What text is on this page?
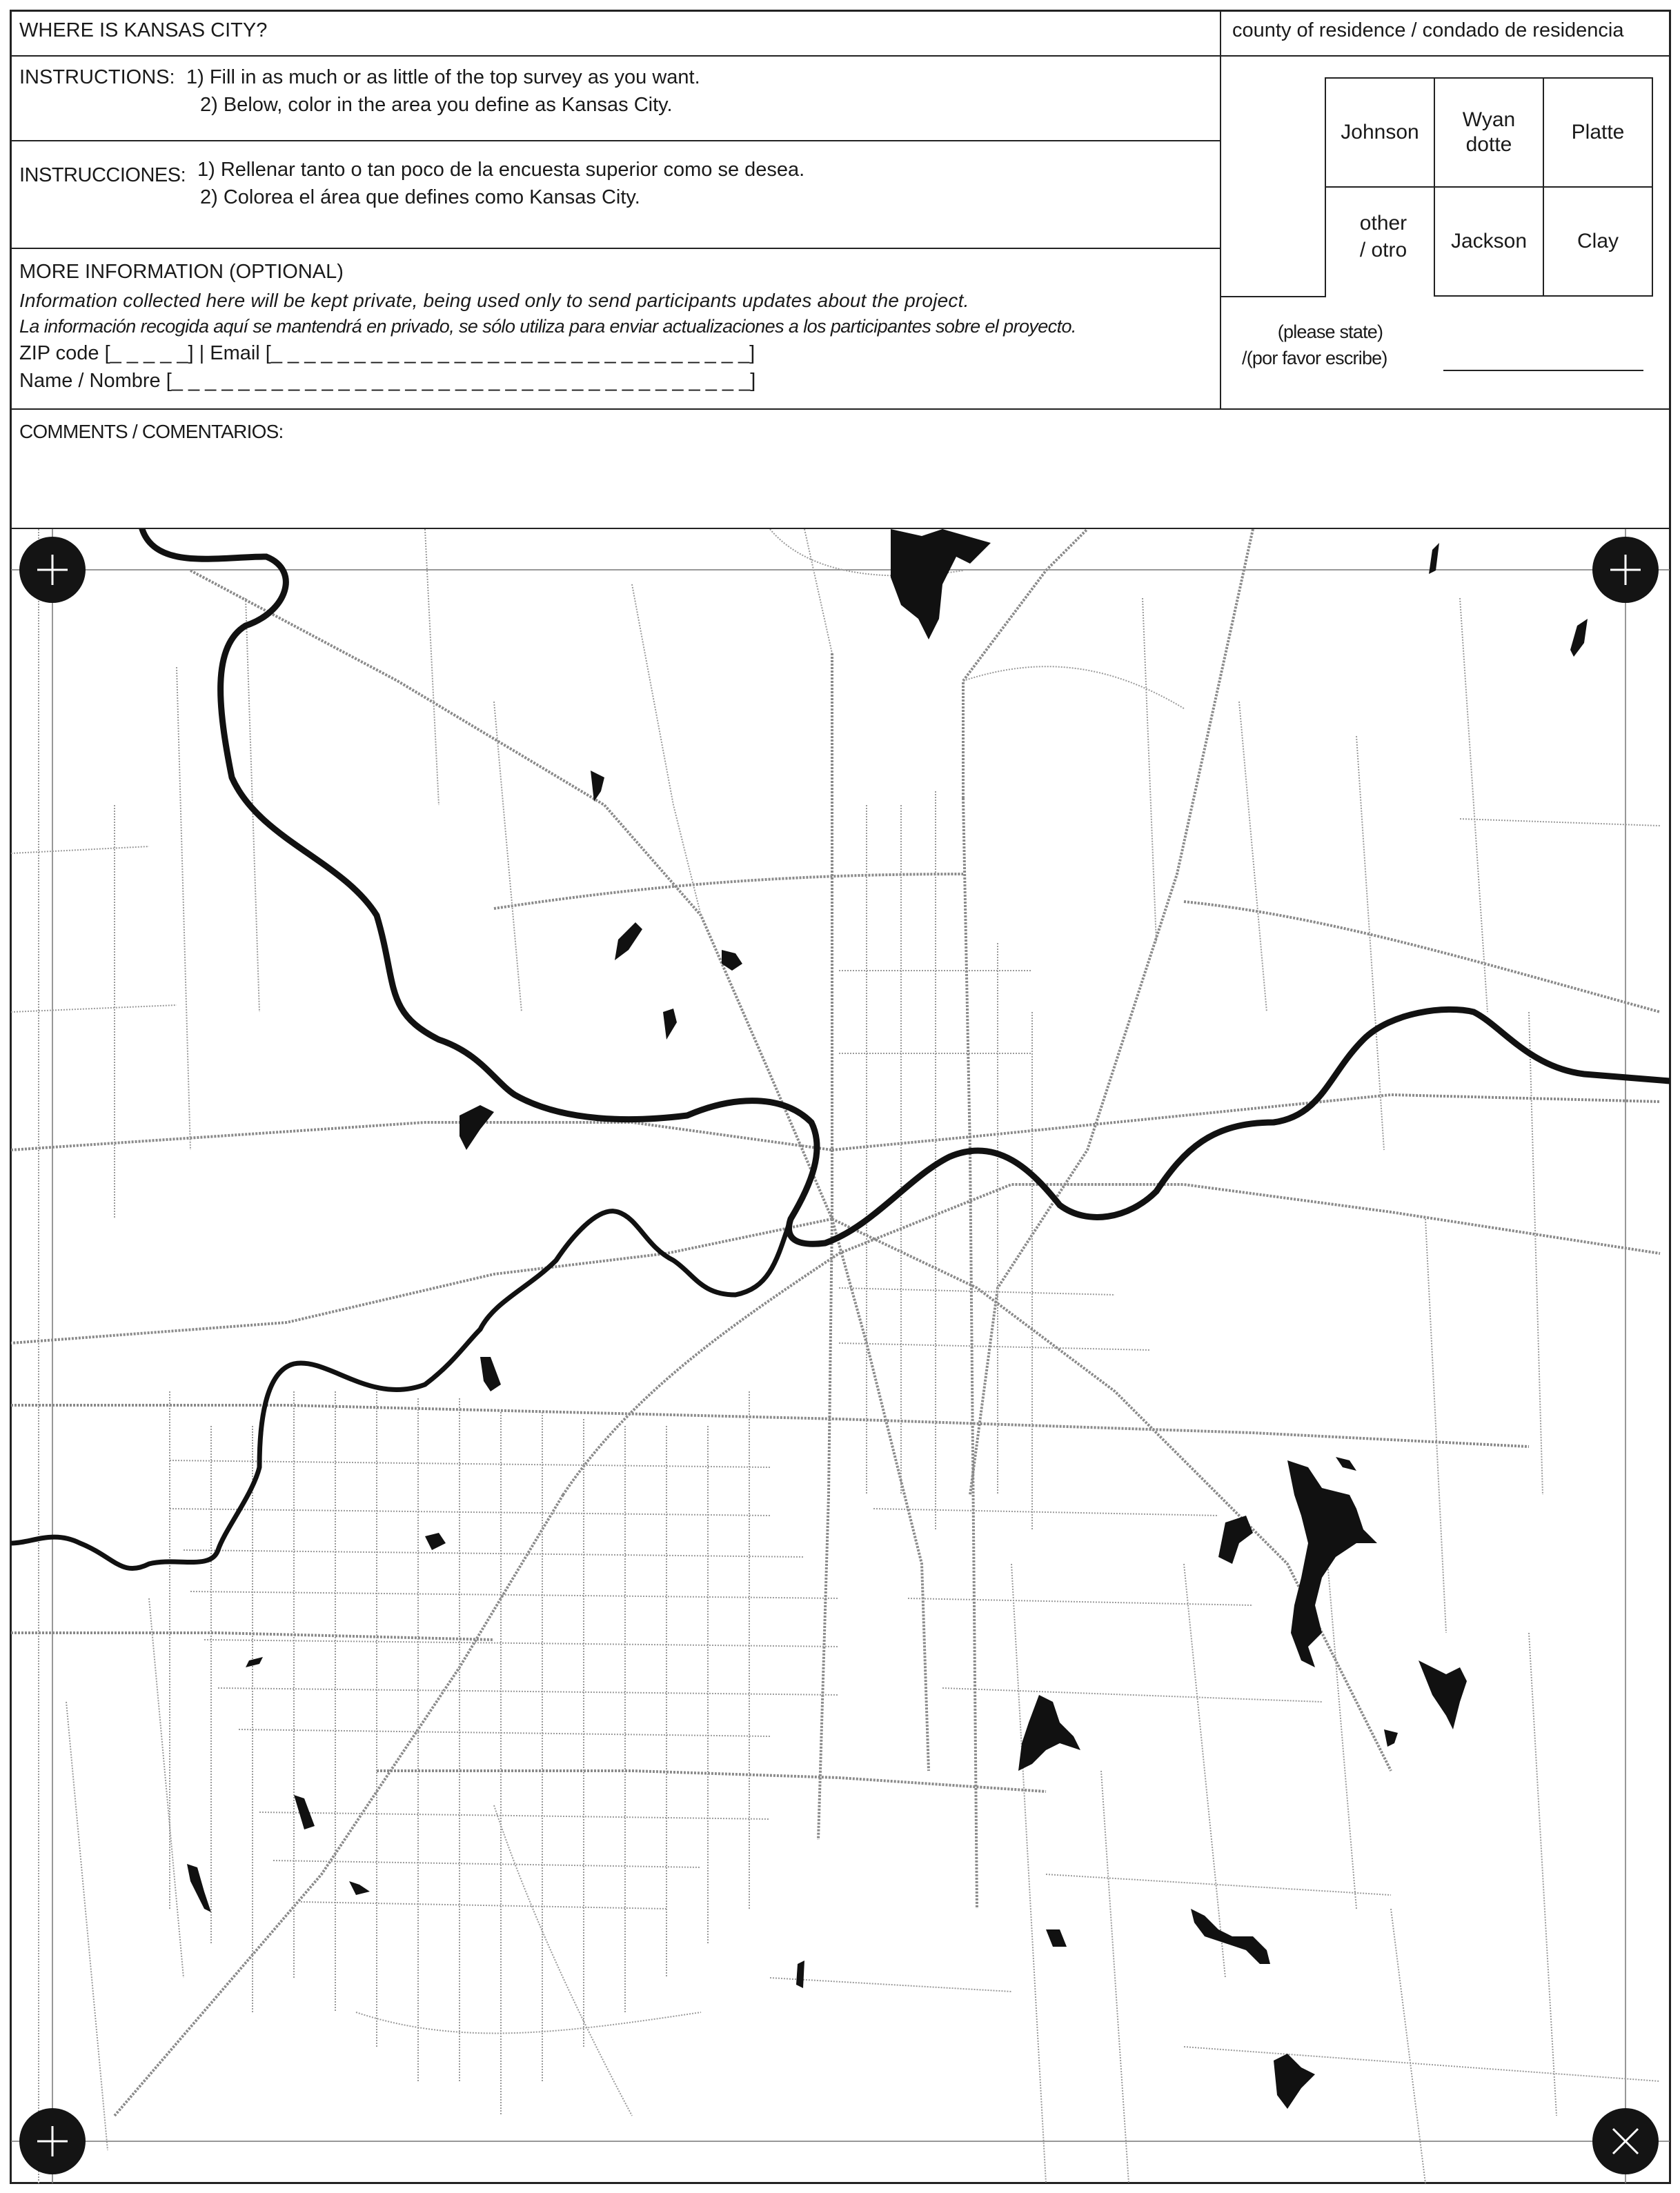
WHERE IS KANSAS CITY?	county of residence / condado de residencia
INSTRUCTIONS: 1) Fill in as much or as little of the top survey as you want.
2) Below, color in the area you define as Kansas City.
INSTRUCCIONES: 1) Rellenar tanto o tan poco de la encuesta superior como se desea.
2) Colorea el área que defines como Kansas City.
MORE INFORMATION (OPTIONAL)
Information collected here will be kept private, being used only to send participants updates about the project.
La información recogida aquí se mantendrá en privado, se sólo utiliza para enviar actualizaciones a los participantes sobre el proyecto.
ZIP code [_ _ _ _ _] | Email [_ _ _ _ _ _ _ _ _ _ _ _ _ _ _ _ _ _ _ _ _ _ _ _ _ _ _ _ _]
Name / Nombre [_ _ _ _ _ _ _ _ _ _ _ _ _ _ _ _ _ _ _ _ _ _ _ _ _ _ _ _ _ _ _ _ _ _ _]
Johnson
Wyan
dotte
Platte
Jackson Clay
other
/ otro
(please state)
/(por favor escribe)
COMMENTS / COMENTARIOS:
